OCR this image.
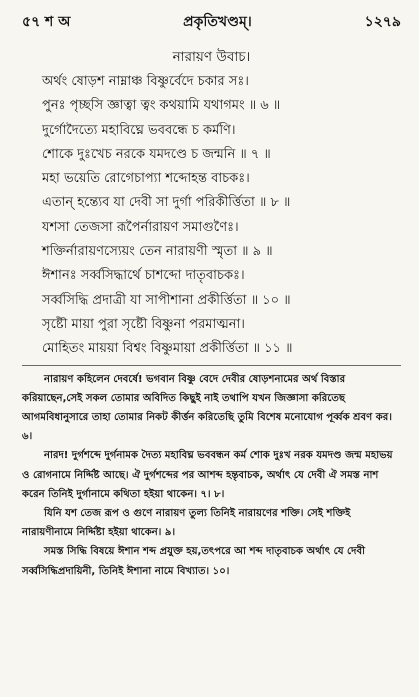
৫৭ শ অ	প্রকৃতিখণ্ডম্।	১২৭৯
নারায়ণ উবাচ।
অর্থং ষোড়শ নাম্নাঞ্চ বিষ্ণুর্বেদে চকার সঃ।
পুনঃ পৃচ্ছসি জ্ঞাত্বা ত্বং কথয়ামি যথাগমং ॥ ৬ ॥
দুর্গোদৈত্যে মহাবিঘ্নে ভববন্ধে চ কর্মণি।
শোকে দুঃখেচ নরকে যমদণ্ডে চ জন্মনি ॥ ৭ ॥
মহা ভয়েতি রোগেচাপ্যা শব্দোহন্ত বাচকঃ।
এতান্ হন্ত্যেব যা দেবী সা দুর্গা পরিকীর্ত্তিতা ॥ ৮ ॥
যশসা তেজসা রূপৈর্নারায়ণ সমাগুণৈঃ।
শক্তির্নারায়ণস্যেয়ং তেন নারায়ণী স্মৃতা ॥ ৯ ॥
ঈশানঃ সর্ব্বসিদ্ধার্থে চাশব্দো দাতৃবাচকঃ।
সর্ব্বসিদ্ধি প্রদাত্রী যা সাপীশানা প্রকীর্ত্তিতা ॥ ১০ ॥
সৃষ্টৌ মায়া পুরা সৃষ্টৌ বিষ্ণুনা পরমাত্মনা।
মোহিতং মায়য়া বিশ্বং বিষ্ণুমায়া প্রকীর্ত্তিতা ॥ ১১ ॥

নারায়ণ কহিলেন দেবর্ষে! ভগবান বিষ্ণু বেদে দেবীর ষোড়শনামের অর্থ বিস্তার করিয়াছেন,সেই সকল তোমার অবিদিত কিছুই নাই তথাপি যখন জিজ্ঞাসা করিতেছ আগমবিধানুসারে তাহা তোমার নিকট কীর্ত্তন করিতেছি তুমি বিশেষ মনোযোগ পূর্ব্বক শ্রবণ কর। ৬।

নারদ! দুর্গশব্দে দুর্গনামক দৈত্য মহাবিঘ্ন ভববন্ধন কর্ম শোক দুঃখ নরক যমদণ্ড জন্ম মহাভয় ও রোগনামে নির্দ্দিষ্ট আছে। ঐ দুর্গশব্দের পর আশব্দ হন্তৃবাচক, অর্থাৎ যে দেবী ঐ সমস্ত নাশ করেন তিনিই দুর্গানামে কথিতা হইয়া থাকেন। ৭। ৮।

যিনি যশ তেজ রূপ ও গুণে নারায়ণ তুল্য তিনিই নারায়ণের শক্তি। সেই শক্তিই নারায়ণীনামে নির্দ্দিষ্টা হইয়া থাকেন। ৯।

সমস্ত সিদ্ধি বিষয়ে ঈশান শব্দ প্রযুক্ত হয়,তৎপরে আ শব্দ দাতৃবাচক অর্থাৎ যে দেবী সর্ব্বসিদ্ধিপ্রদায়িনী, তিনিই ঈশানা নামে বিখ্যাত। ১০।
